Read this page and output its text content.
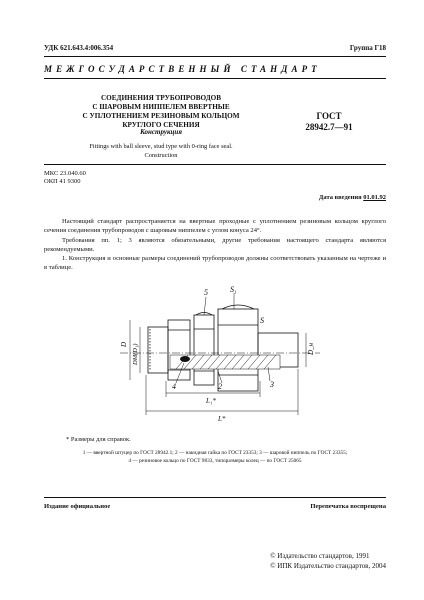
УДК 621.643.4:006.354	Группа Г18
МЕЖГОСУДАРСТВЕННЫЙ СТАНДАРТ
СОЕДИНЕНИЯ ТРУБОПРОВОДОВ
С ШАРОВЫМ НИППЕЛЕМ ВВЕРТНЫЕ
С УПЛОТНЕНИЕМ РЕЗИНОВЫМ КОЛЬЦОМ
КРУГЛОГО СЕЧЕНИЯ
ГОСТ
28942.7—91
Конструкция
Fittings with ball sleeve, stud type with 0-ring face seal.
Construction
МКС 23.040.60
ОКП 41 9300
Дата введения 01.01.92

Настоящий стандарт распространяется на ввертные проходные с уплотнением резиновым кольцом круглого сечения соединения трубопроводов с шаровым ниппелем с углом конуса 24°.

Требования пп. 1; 3 являются обязательными, другие требования настоящего стандарта являются рекомендуемыми.

1. Конструкция и основные размеры соединений трубопроводов должны соответствовать указанным на чертеже и в таблице.

5	S₁
S
4	2	3
D DM(D₁)	D_н
L₁*
L*
* Размеры для справок.
1 — ввертной штуцер по ГОСТ 28942.1; 2 — накидная гайка по ГОСТ 23353; 3 — шаровой ниппель по ГОСТ 23355;
4 — резиновое кольцо по ГОСТ 9833, типоразмеры колец — по ГОСТ 25065
Издание официальное	Перепечатка воспрещена
© Издательство стандартов, 1991
© ИПК Издательство стандартов, 2004
